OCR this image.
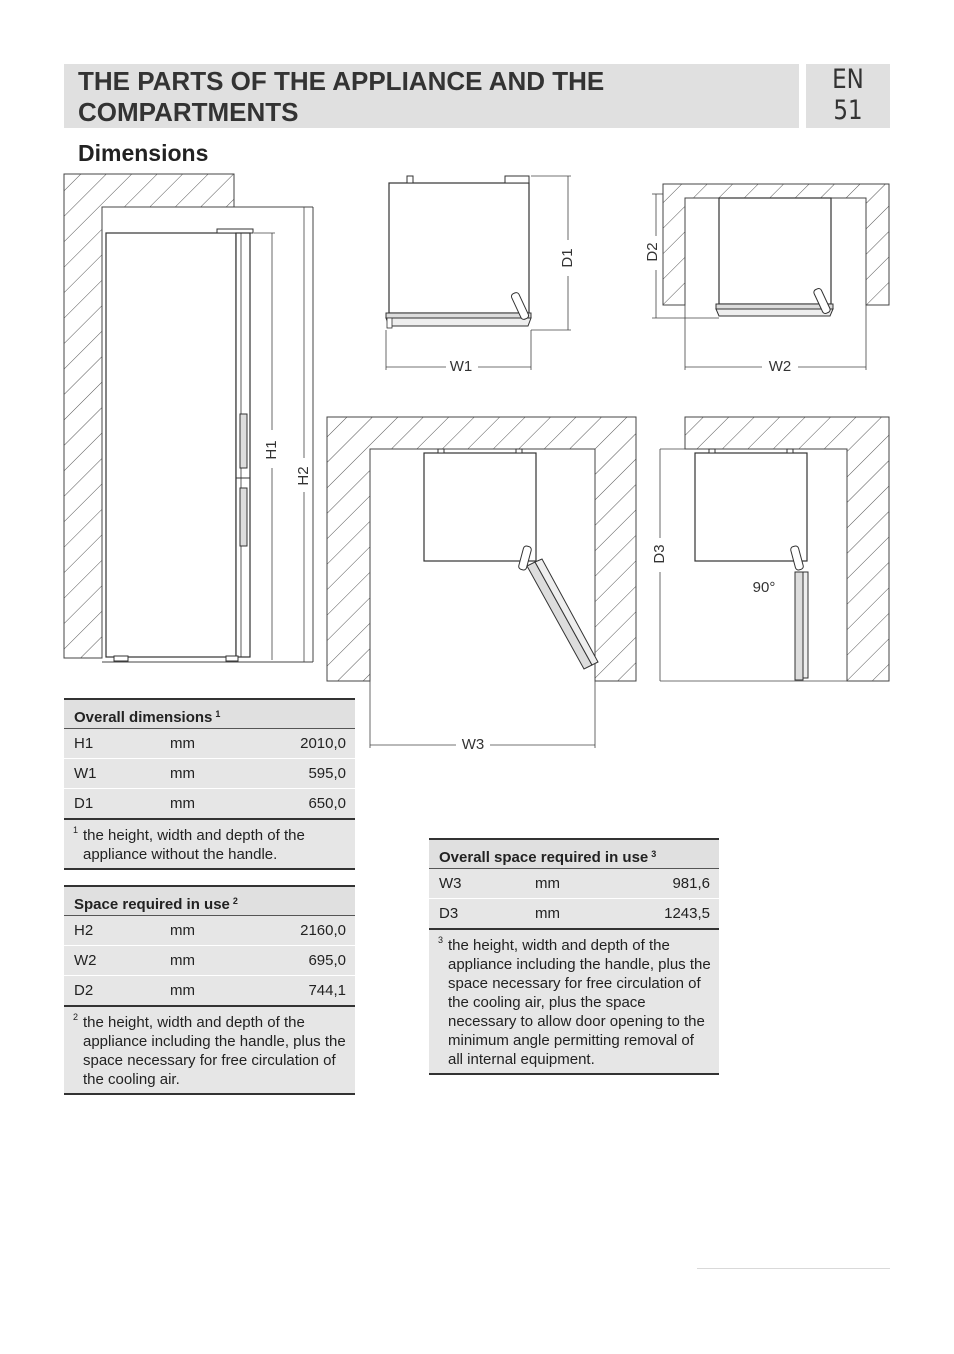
THE PARTS OF THE APPLIANCE AND THE COMPARTMENTS
EN
51
Dimensions
H1
H2
D1
W1
D2
W2
W3
D3
90°
Overall dimensions $^1$
H1	mm	2010,0
W1	mm	595,0
D1	mm	650,0
1 the height, width and depth of the appliance without the handle.
Space required in use $^2$
H2	mm	2160,0
W2	mm	695,0
D2	mm	744,1
2 the height, width and depth of the appliance including the handle, plus the space necessary for free circulation of the cooling air.
Overall space required in use $^3$
W3	mm	981,6
D3	mm	1243,5
3 the height, width and depth of the appliance including the handle, plus the space necessary for free circulation of the cooling air, plus the space necessary to allow door opening to the minimum angle permitting removal of all internal equipment.
